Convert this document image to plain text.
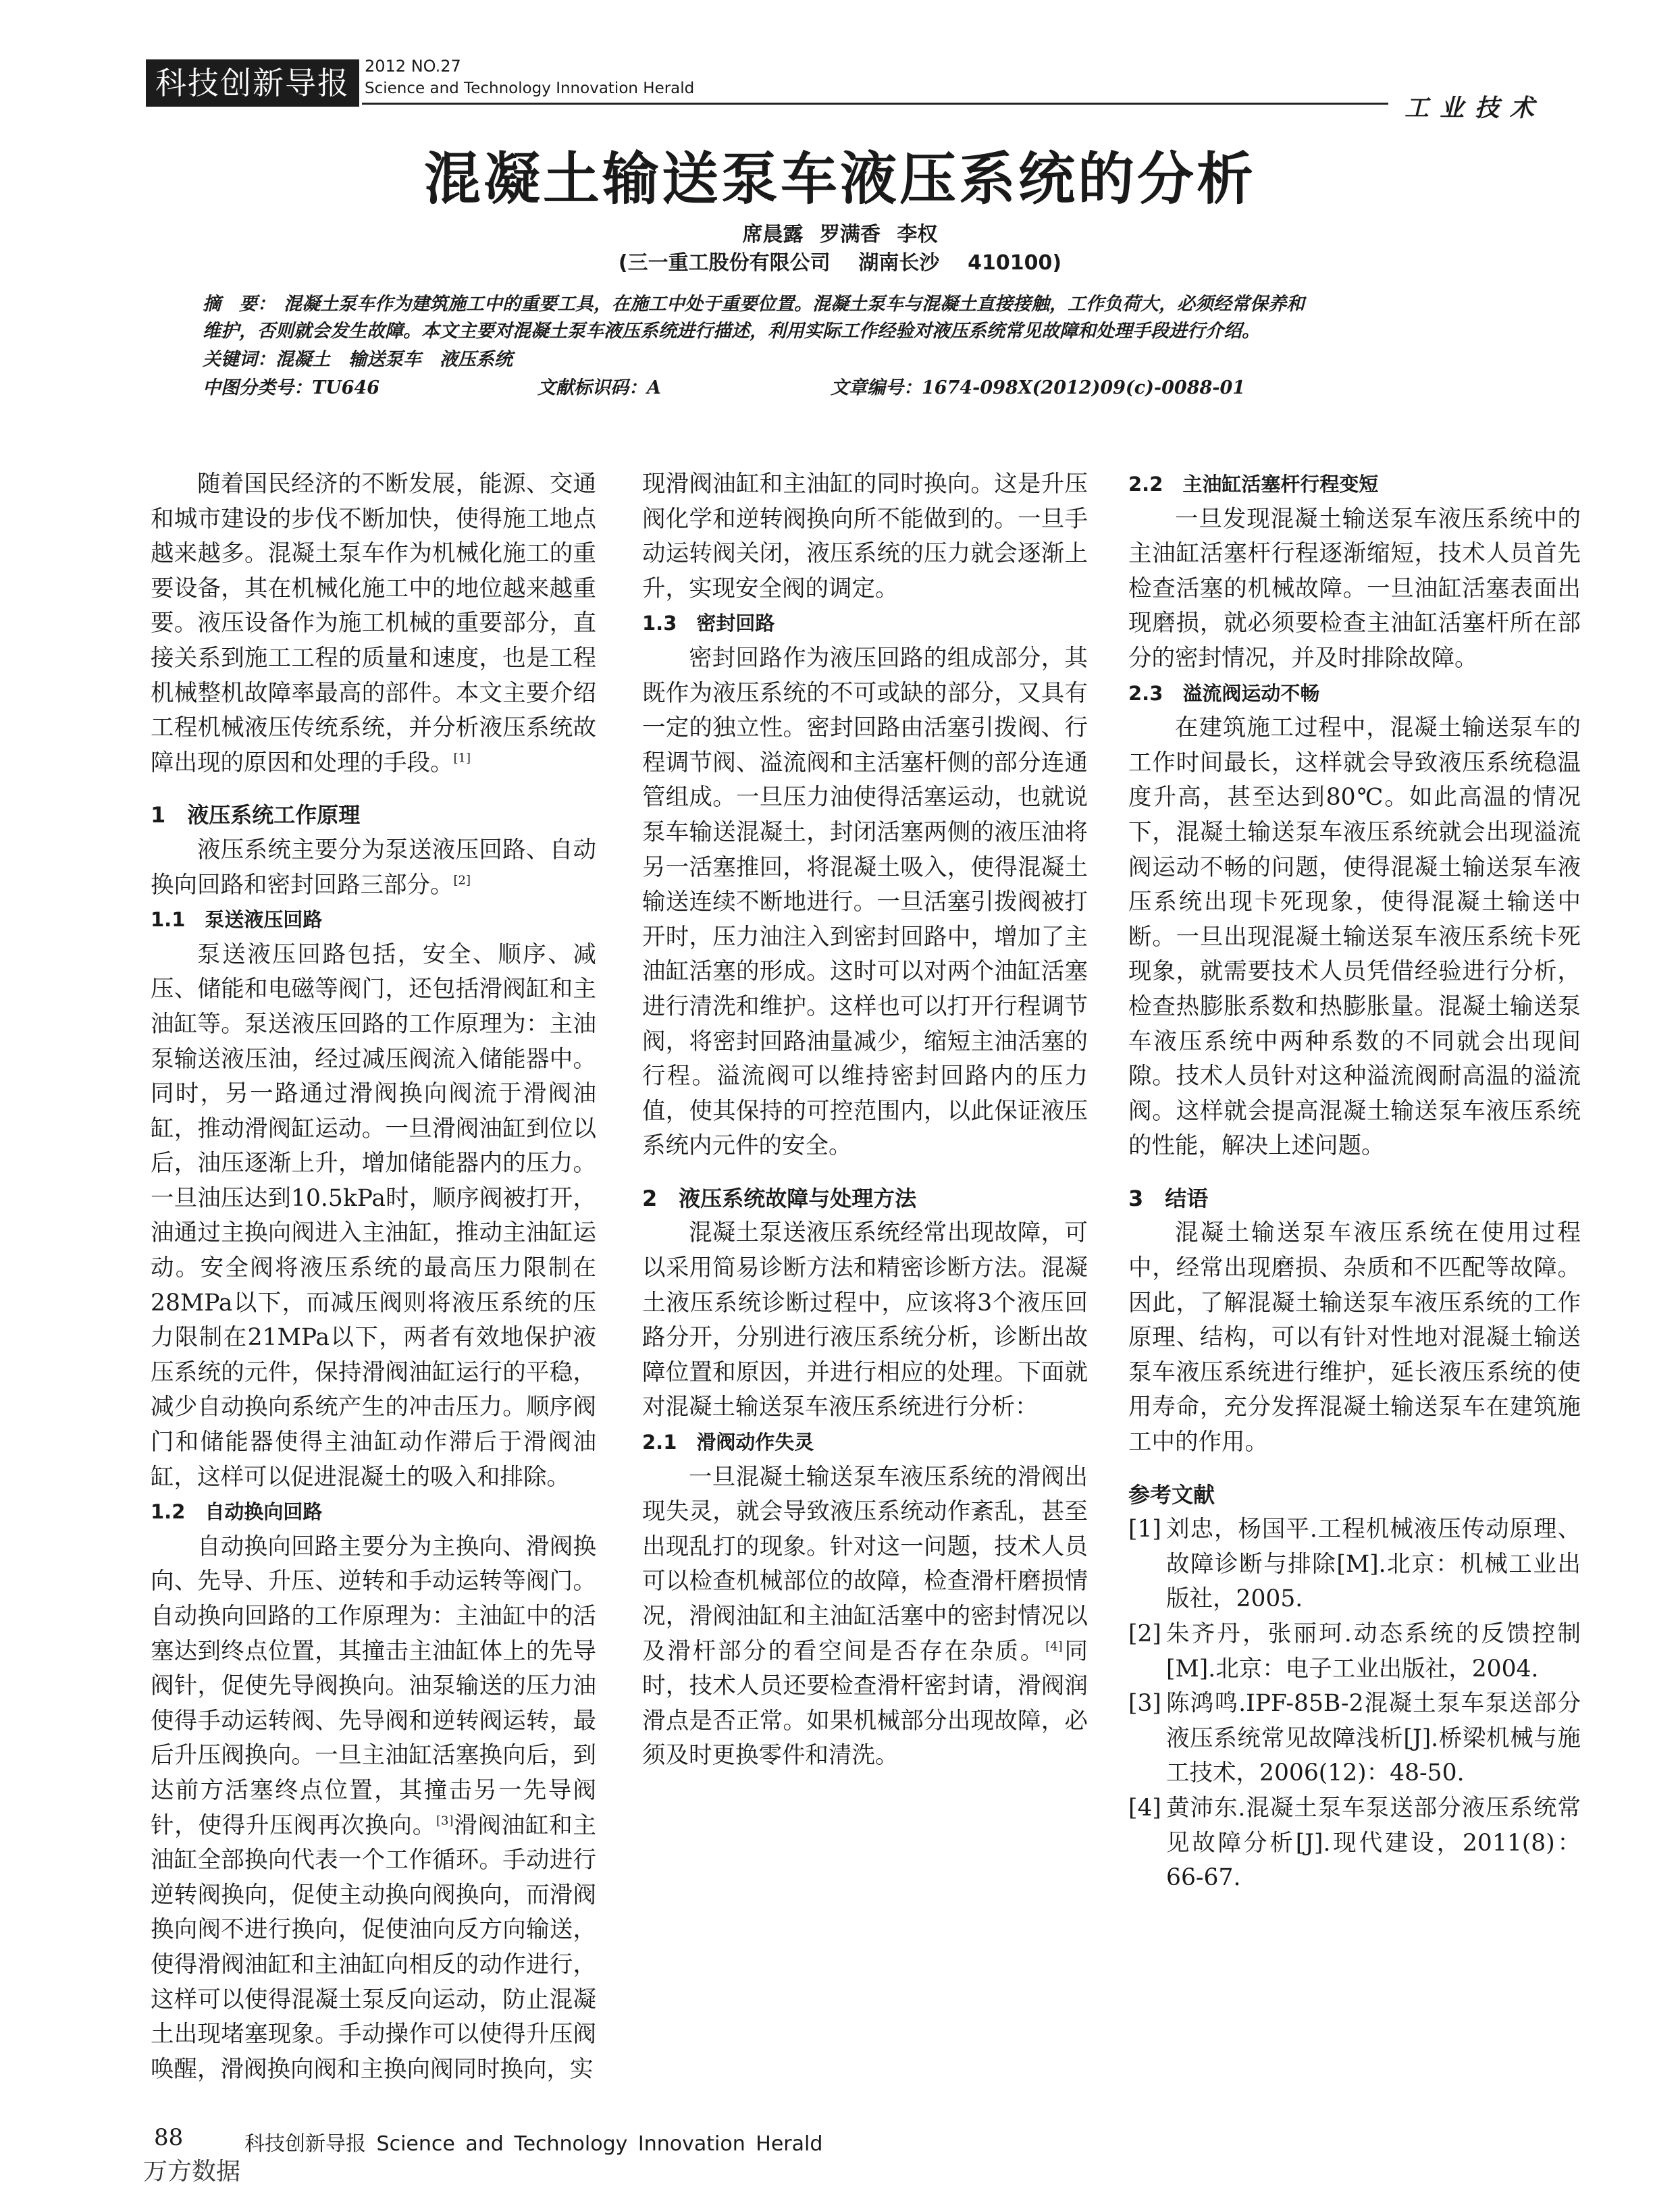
科技创新导报 2012 NO.27
Science and Technology Innovation Herald
工业技术
混凝土输送泵车液压系统的分析
席晨露 罗满香 李权
(三一重工股份有限公司    湖南长沙    410100)
摘　要： 混凝土泵车作为建筑施工中的重要工具，在施工中处于重要位置。混凝土泵车与混凝土直接接触，工作负荷大，必须经常保养和
维护，否则就会发生故障。本文主要对混凝土泵车液压系统进行描述，利用实际工作经验对液压系统常见故障和处理手段进行介绍。
关键词：混凝土　输送泵车　液压系统
中图分类号：TU646	文献标识码：A	文章编号：1674-098X(2012)09(c)-0088-01

随着国民经济的不断发展，能源、交通和城市建设的步伐不断加快，使得施工地点越来越多。混凝土泵车作为机械化施工的重要设备，其在机械化施工中的地位越来越重要。液压设备作为施工机械的重要部分，直接关系到施工工程的质量和速度，也是工程机械整机故障率最高的部件。本文主要介绍工程机械液压传统系统，并分析液压系统故障出现的原因和处理的手段。[1]

1　液压系统工作原理

液压系统主要分为泵送液压回路、自动换向回路和密封回路三部分。[2]

1.1　泵送液压回路

泵送液压回路包括，安全、顺序、减压、储能和电磁等阀门，还包括滑阀缸和主油缸等。泵送液压回路的工作原理为：主油泵输送液压油，经过减压阀流入储能器中。同时，另一路通过滑阀换向阀流于滑阀油缸，推动滑阀缸运动。一旦滑阀油缸到位以后，油压逐渐上升，增加储能器内的压力。一旦油压达到10.5kPa时，顺序阀被打开，油通过主换向阀进入主油缸，推动主油缸运动。安全阀将液压系统的最高压力限制在28MPa以下，而减压阀则将液压系统的压力限制在21MPa以下，两者有效地保护液压系统的元件，保持滑阀油缸运行的平稳，减少自动换向系统产生的冲击压力。顺序阀门和储能器使得主油缸动作滞后于滑阀油缸，这样可以促进混凝土的吸入和排除。

1.2　自动换向回路

自动换向回路主要分为主换向、滑阀换向、先导、升压、逆转和手动运转等阀门。自动换向回路的工作原理为：主油缸中的活塞达到终点位置，其撞击主油缸体上的先导阀针，促使先导阀换向。油泵输送的压力油使得手动运转阀、先导阀和逆转阀运转，最后升压阀换向。一旦主油缸活塞换向后，到达前方活塞终点位置，其撞击另一先导阀针，使得升压阀再次换向。[3]滑阀油缸和主油缸全部换向代表一个工作循环。手动进行逆转阀换向，促使主动换向阀换向，而滑阀换向阀不进行换向，促使油向反方向输送，使得滑阀油缸和主油缸向相反的动作进行，这样可以使得混凝土泵反向运动，防止混凝土出现堵塞现象。手动操作可以使得升压阀唤醒，滑阀换向阀和主换向阀同时换向，实

现滑阀油缸和主油缸的同时换向。这是升压阀化学和逆转阀换向所不能做到的。一旦手动运转阀关闭，液压系统的压力就会逐渐上升，实现安全阀的调定。

1.3　密封回路

密封回路作为液压回路的组成部分，其既作为液压系统的不可或缺的部分，又具有一定的独立性。密封回路由活塞引拨阀、行程调节阀、溢流阀和主活塞杆侧的部分连通管组成。一旦压力油使得活塞运动，也就说泵车输送混凝土，封闭活塞两侧的液压油将另一活塞推回，将混凝土吸入，使得混凝土输送连续不断地进行。一旦活塞引拨阀被打开时，压力油注入到密封回路中，增加了主油缸活塞的形成。这时可以对两个油缸活塞进行清洗和维护。这样也可以打开行程调节阀，将密封回路油量减少，缩短主油活塞的行程。溢流阀可以维持密封回路内的压力值，使其保持的可控范围内，以此保证液压系统内元件的安全。

2　液压系统故障与处理方法

混凝土泵送液压系统经常出现故障，可以采用简易诊断方法和精密诊断方法。混凝土液压系统诊断过程中，应该将3个液压回路分开，分别进行液压系统分析，诊断出故障位置和原因，并进行相应的处理。下面就对混凝土输送泵车液压系统进行分析：

2.1　滑阀动作失灵

一旦混凝土输送泵车液压系统的滑阀出现失灵，就会导致液压系统动作紊乱，甚至出现乱打的现象。针对这一问题，技术人员可以检查机械部位的故障，检查滑杆磨损情况，滑阀油缸和主油缸活塞中的密封情况以及滑杆部分的看空间是否存在杂质。[4]同时，技术人员还要检查滑杆密封请，滑阀润滑点是否正常。如果机械部分出现故障，必须及时更换零件和清洗。

2.2　主油缸活塞杆行程变短

一旦发现混凝土输送泵车液压系统中的主油缸活塞杆行程逐渐缩短，技术人员首先检查活塞的机械故障。一旦油缸活塞表面出现磨损，就必须要检查主油缸活塞杆所在部分的密封情况，并及时排除故障。

2.3　溢流阀运动不畅

在建筑施工过程中，混凝土输送泵车的工作时间最长，这样就会导致液压系统稳温度升高，甚至达到80℃。如此高温的情况下，混凝土输送泵车液压系统就会出现溢流阀运动不畅的问题，使得混凝土输送泵车液压系统出现卡死现象，使得混凝土输送中断。一旦出现混凝土输送泵车液压系统卡死现象，就需要技术人员凭借经验进行分析，检查热膨胀系数和热膨胀量。混凝土输送泵车液压系统中两种系数的不同就会出现间隙。技术人员针对这种溢流阀耐高温的溢流阀。这样就会提高混凝土输送泵车液压系统的性能，解决上述问题。

3　结语

混凝土输送泵车液压系统在使用过程中，经常出现磨损、杂质和不匹配等故障。因此，了解混凝土输送泵车液压系统的工作原理、结构，可以有针对性地对混凝土输送泵车液压系统进行维护，延长液压系统的使用寿命，充分发挥混凝土输送泵车在建筑施工中的作用。

参考文献
[1] 刘忠，杨国平.工程机械液压传动原理、故障诊断与排除[M].北京：机械工业出版社，2005.
[2] 朱齐丹，张丽珂.动态系统的反馈控制[M].北京：电子工业出版社，2004.
[3] 陈鸿鸣.IPF-85B-2混凝土泵车泵送部分液压系统常见故障浅析[J].桥梁机械与施工技术，2006(12)：48-50.
[4] 黄沛东.混凝土泵车泵送部分液压系统常见故障分析[J].现代建设，2011(8)：66-67.
88	科技创新导报 Science and Technology Innovation Herald
万方数据
